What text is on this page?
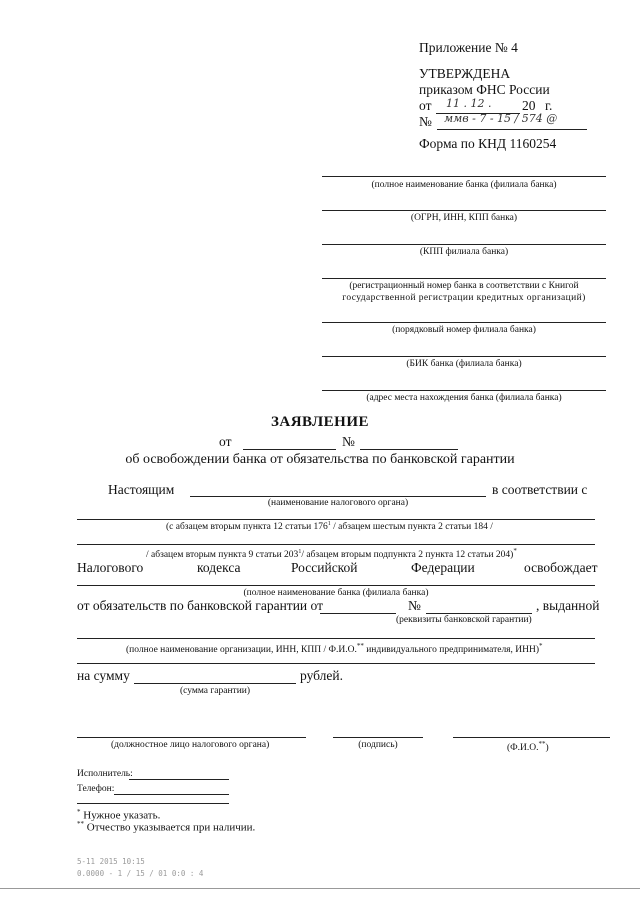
Приложение № 4
УТВЕРЖДЕНА
приказом ФНС России
от 11 . 12 . 20 г.
№ ммв - 7 - 15 / 574 @
Форма по КНД 1160254
(полное наименование банка (филиала банка)
(ОГРН, ИНН, КПП банка)
(КПП филиала банка)
(регистрационный номер банка в соответствии с Книгой
государственной регистрации кредитных организаций)
(порядковый номер филиала банка)
(БИК банка (филиала банка)
(адрес места нахождения банка (филиала банка)
ЗАЯВЛЕНИЕ
от	№
об освобождении банка от обязательства по банковской гарантии
Настоящим	в соответствии с
(наименование налогового органа)
(с абзацем вторым пункта 12 статьи $176^1$ / абзацем шестым пункта 2 статьи 184 /
/ абзацем вторым пункта 9 статьи $203^1/$ абзацем вторым подпункта 2 пункта 12 статьи 204)*
Налогового	кодекса	Российской	Федерации	освобождает
(полное наименование банка (филиала банка)
от обязательств по банковской гарантии от	№	, выданной
(реквизиты банковской гарантии)
(полное наименование организации, ИНН, КПП / Ф.И.О.** индивидуального предпринимателя, ИНН)*
на сумму	рублей.
(сумма гарантии)
(должностное лицо налогового органа)	(подпись)	(Ф.И.О.**)
Исполнитель:
Телефон:
* Нужное указать.
** Отчество указывается при наличии.
5-11 2015 10:15
0.0000 - 1 / 15 / 01 0:0 : 4
